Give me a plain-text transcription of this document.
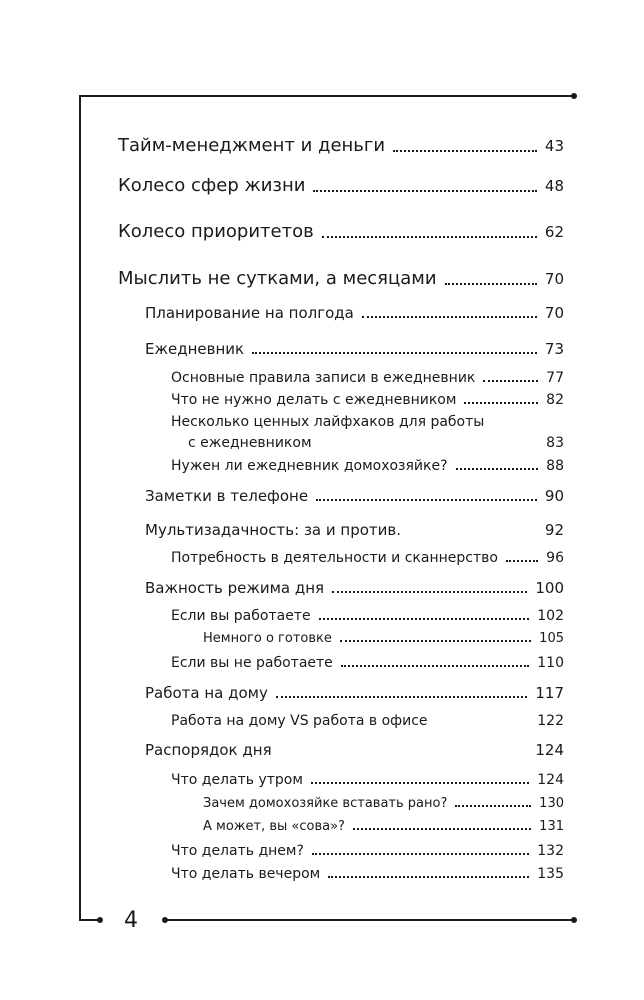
4
Тайм-менеджмент и деньги	43
Колесо сфер жизни	48
Колесо приоритетов	62
Мыслить не сутками, а месяцами	70
Планирование на полгода	70
Ежедневник	73
Основные правила записи в ежедневник	77
Что не нужно делать с ежедневником	82
Несколько ценных лайфхаков для работы
с ежедневником	83
Нужен ли ежедневник домохозяйке?	88
Заметки в телефоне	90
Мультизадачность: за и против.	92
Потребность в деятельности и сканнерство	96
Важность режима дня	100
Если вы работаете	102
Немного о готовке	105
Если вы не работаете	110
Работа на дому	117
Работа на дому VS работа в офисе	122
Распорядок дня	124
Что делать утром	124
Зачем домохозяйке вставать рано?	130
А может, вы «сова»?	131
Что делать днем?	132
Что делать вечером	135
